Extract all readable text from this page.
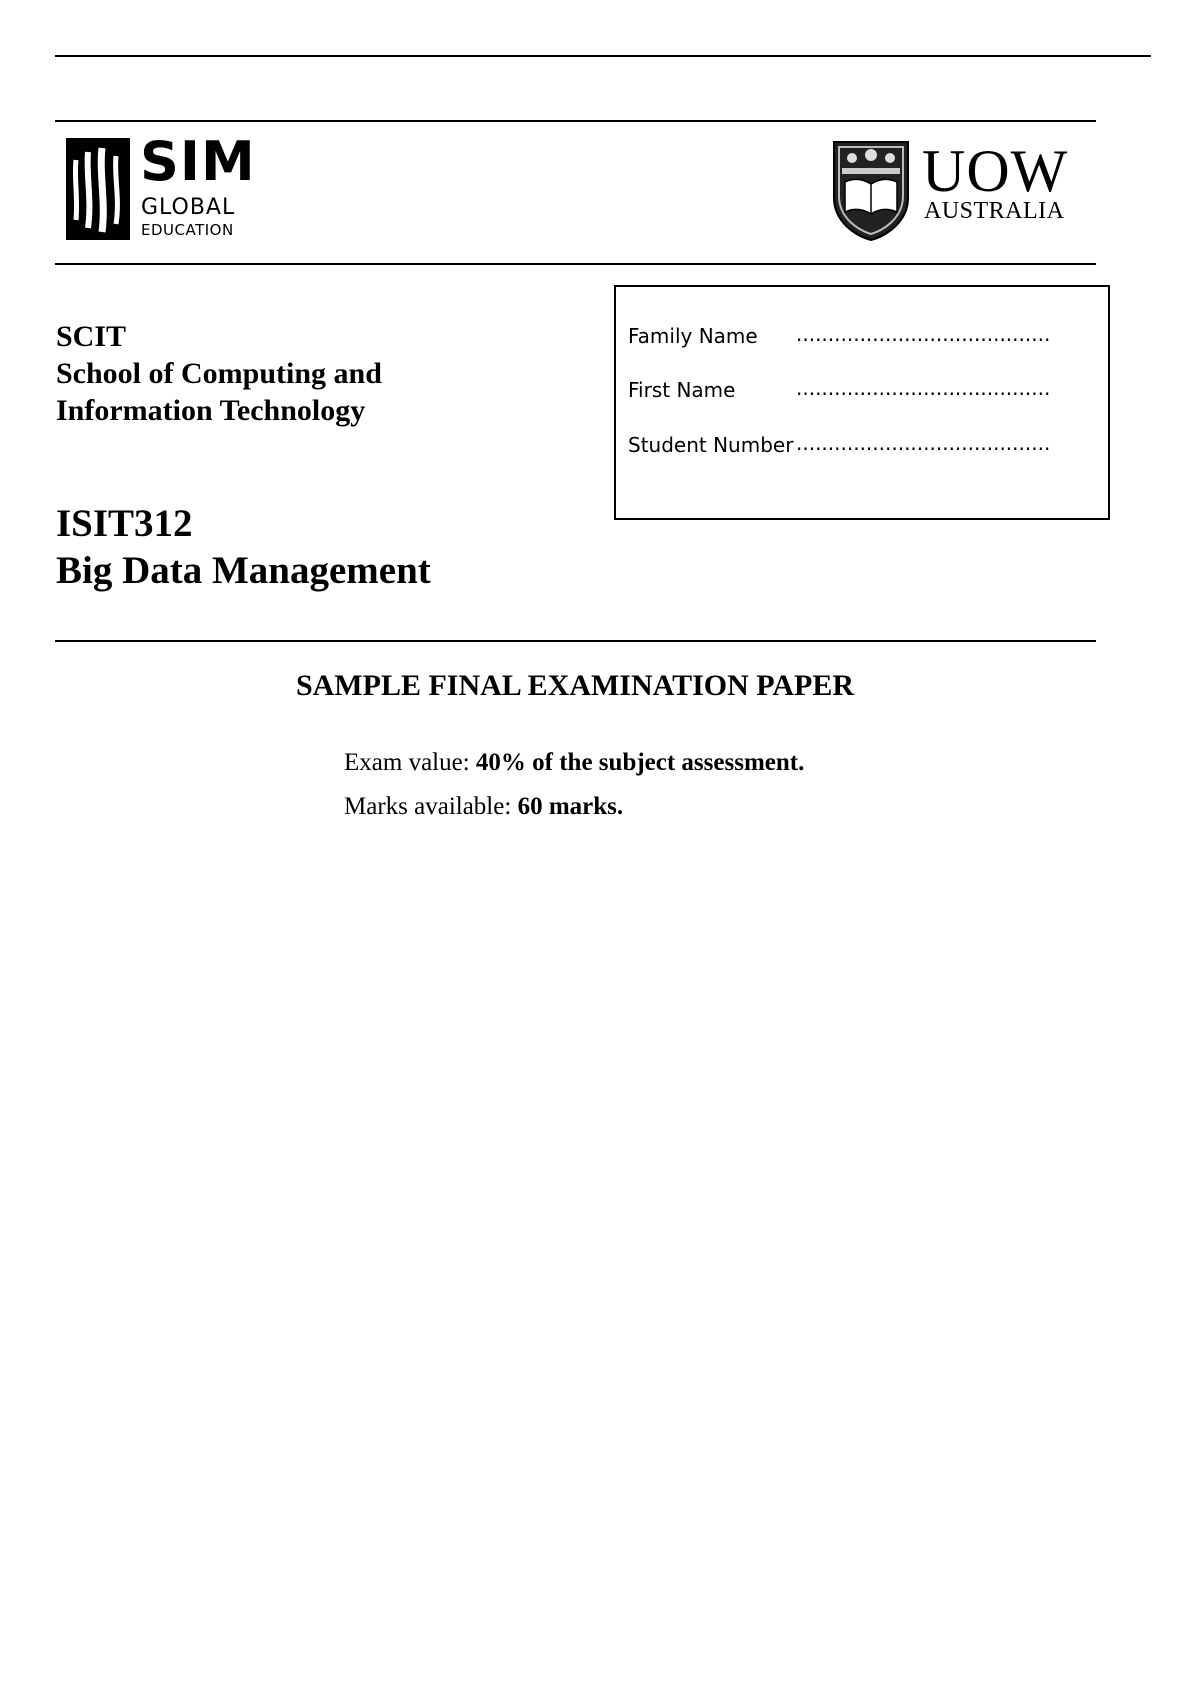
SIM
GLOBAL
EDUCATION
UOW
AUSTRALIA
SCIT
School of Computing and
Information Technology
ISIT312
Big Data Management
Family Name
First Name
Student Number
........................................
........................................
........................................
SAMPLE FINAL EXAMINATION PAPER
Exam value: 40% of the subject assessment.
Marks available: 60 marks.
